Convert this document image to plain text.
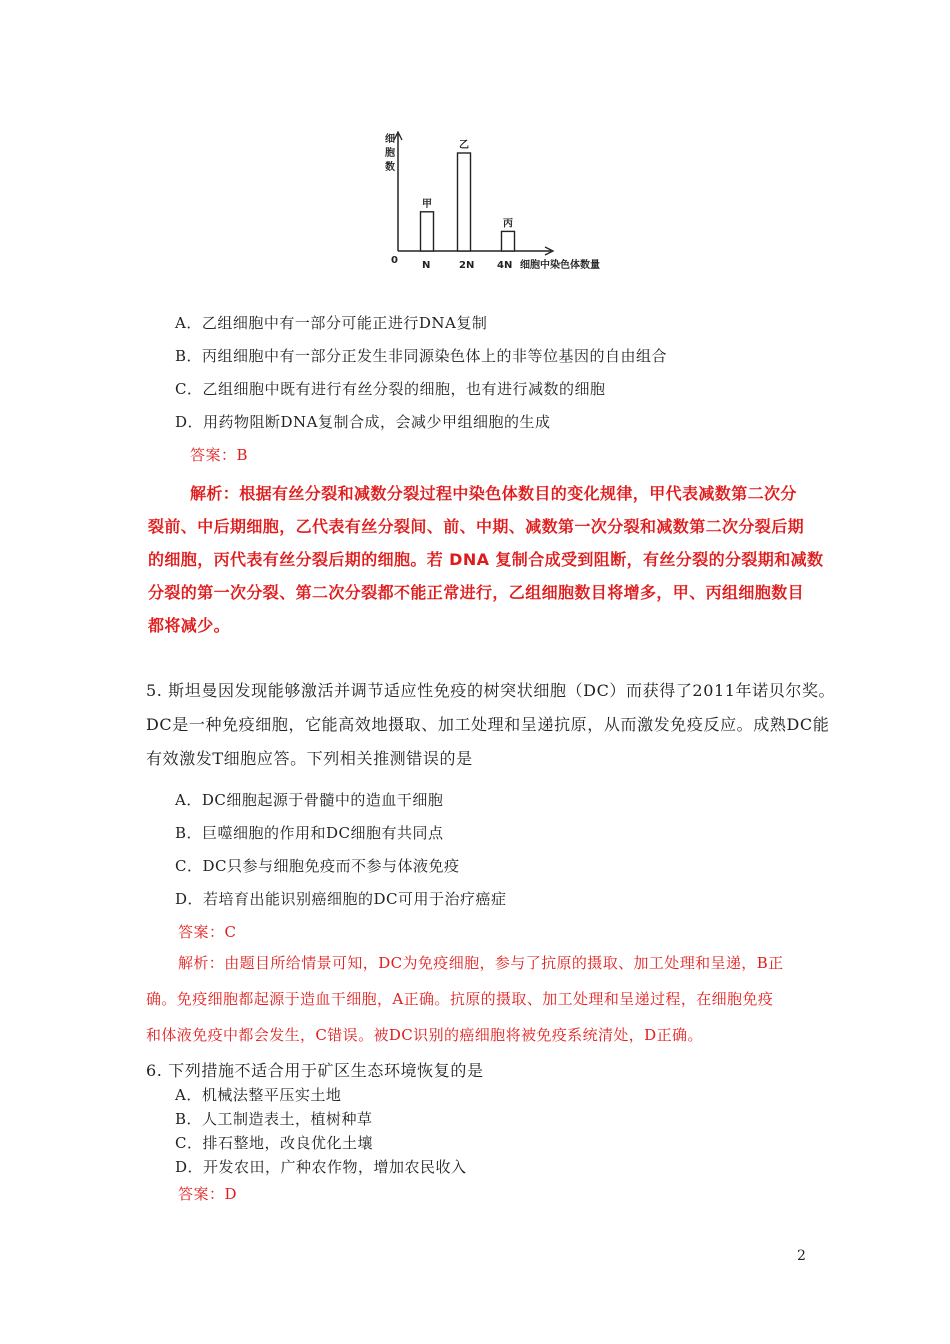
细
胞
数
0
甲
N
乙
2N
丙
4N 细胞中染色体数量
A．乙组细胞中有一部分可能正进行DNA复制
B．丙组细胞中有一部分正发生非同源染色体上的非等位基因的自由组合
C．乙组细胞中既有进行有丝分裂的细胞，也有进行减数的细胞
D．用药物阻断DNA复制合成，会减少甲组细胞的生成
答案：B
解析：根据有丝分裂和减数分裂过程中染色体数目的变化规律，甲代表减数第二次分
裂前、中后期细胞，乙代表有丝分裂间、前、中期、减数第一次分裂和减数第二次分裂后期
的细胞，丙代表有丝分裂后期的细胞。若 DNA 复制合成受到阻断，有丝分裂的分裂期和减数
分裂的第一次分裂、第二次分裂都不能正常进行，乙组细胞数目将增多，甲、丙组细胞数目
都将减少。
5. 斯坦曼因发现能够激活并调节适应性免疫的树突状细胞（DC）而获得了2011年诺贝尔奖。
DC是一种免疫细胞，它能高效地摄取、加工处理和呈递抗原，从而激发免疫反应。成熟DC能
有效激发T细胞应答。下列相关推测错误的是
A．DC细胞起源于骨髓中的造血干细胞
B．巨噬细胞的作用和DC细胞有共同点
C．DC只参与细胞免疫而不参与体液免疫
D．若培育出能识别癌细胞的DC可用于治疗癌症
答案：C
解析：由题目所给情景可知，DC为免疫细胞，参与了抗原的摄取、加工处理和呈递，B正
确。免疫细胞都起源于造血干细胞，A正确。抗原的摄取、加工处理和呈递过程，在细胞免疫
和体液免疫中都会发生，C错误。被DC识别的癌细胞将被免疫系统清处，D正确。
6. 下列措施不适合用于矿区生态环境恢复的是
A．机械法整平压实土地
B．人工制造表土，植树种草
C．排石整地，改良优化土壤
D．开发农田，广种农作物，增加农民收入
答案：D
2
